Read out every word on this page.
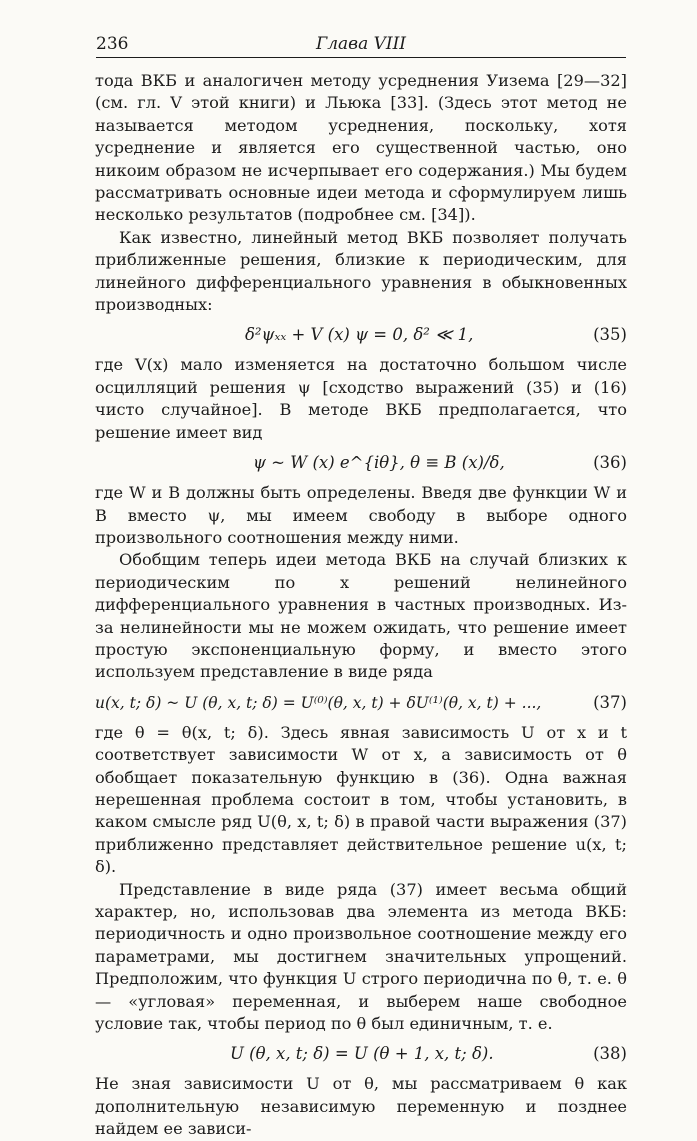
236	Глава VIII

тода ВКБ и аналогичен методу усреднения Уизема [29—32] (см. гл. V этой книги) и Льюка [33]. (Здесь этот метод не называется методом усреднения, поскольку, хотя усреднение и является его существенной частью, оно никоим образом не исчерпывает его содержания.) Мы будем рассматривать основные идеи метода и сформулируем лишь несколько результатов (подробнее см. [34]).

Как известно, линейный метод ВКБ позволяет получать приближенные решения, близкие к периодическим, для линейного дифференциального уравнения в обыкновенных производных:

δ²ψₓₓ + V (x) ψ = 0, δ² ≪ 1,	(35)

где V(x) мало изменяется на достаточно большом числе осцилляций решения ψ [сходство выражений (35) и (16) чисто случайное]. В методе ВКБ предполагается, что решение имеет вид

ψ ~ W (x) e^{iθ}, θ ≡ B (x)/δ,	(36)

где W и B должны быть определены. Введя две функции W и B вместо ψ, мы имеем свободу в выборе одного произвольного соотношения между ними.

Обобщим теперь идеи метода ВКБ на случай близких к периодическим по x решений нелинейного дифференциального уравнения в частных производных. Из-за нелинейности мы не можем ожидать, что решение имеет простую экспоненциальную форму, и вместо этого используем представление в виде ряда

u(x, t; δ) ~ U (θ, x, t; δ) = U⁽⁰⁾(θ, x, t) + δU⁽¹⁾(θ, x, t) + ...,	(37)

где θ = θ(x, t; δ). Здесь явная зависимость U от x и t соответствует зависимости W от x, а зависимость от θ обобщает показательную функцию в (36). Одна важная нерешенная проблема состоит в том, чтобы установить, в каком смысле ряд U(θ, x, t; δ) в правой части выражения (37) приближенно представляет действительное решение u(x, t; δ).

Представление в виде ряда (37) имеет весьма общий характер, но, использовав два элемента из метода ВКБ: периодичность и одно произвольное соотношение между его параметрами, мы достигнем значительных упрощений. Предположим, что функция U строго периодична по θ, т. е. θ — «угловая» переменная, и выберем наше свободное условие так, чтобы период по θ был единичным, т. е.

U (θ, x, t; δ) = U (θ + 1, x, t; δ).	(38)

Не зная зависимости U от θ, мы рассматриваем θ как дополнительную независимую переменную и позднее найдем ее зависи-
